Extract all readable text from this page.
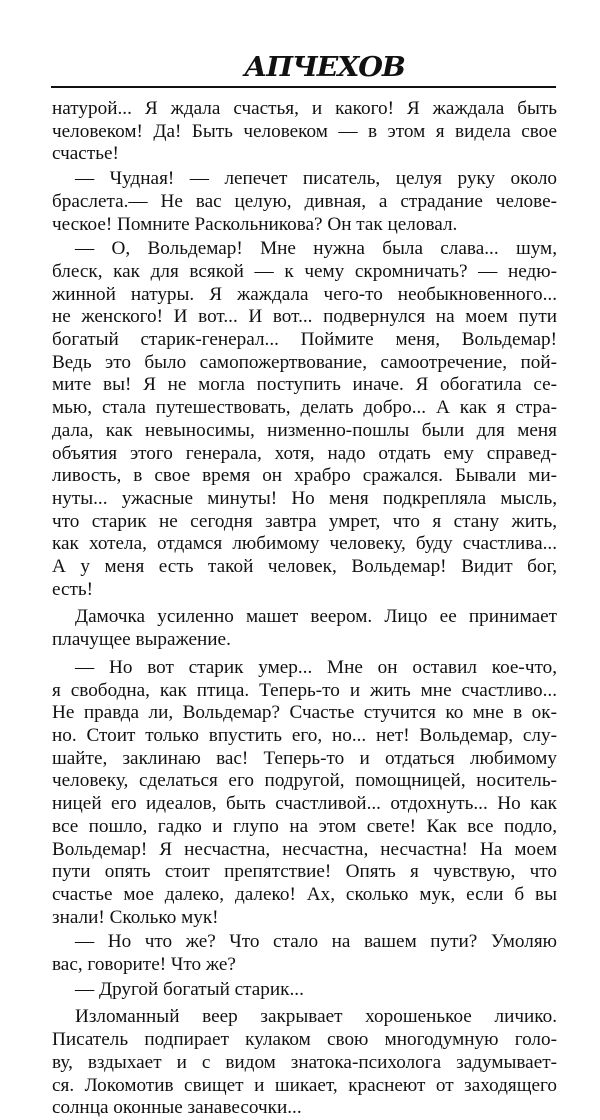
АПЧЕХОВ
натурой... Я ждала счастья, и какого! Я жаждала быть
человеком! Да! Быть человеком — в этом я видела свое
счастье!
— Чудная! — лепечет писатель, целуя руку около
браслета.— Не вас целую, дивная, а страдание челове-
ческое! Помните Раскольникова? Он так целовал.
— О, Вольдемар! Мне нужна была слава... шум,
блеск, как для всякой — к чему скромничать? — недю-
жинной натуры. Я жаждала чего-то необыкновенного...
не женского! И вот... И вот... подвернулся на моем пути
богатый старик-генерал... Поймите меня, Вольдемар!
Ведь это было самопожертвование, самоотречение, пой-
мите вы! Я не могла поступить иначе. Я обогатила се-
мью, стала путешествовать, делать добро... А как я стра-
дала, как невыносимы, низменно-пошлы были для меня
объятия этого генерала, хотя, надо отдать ему справед-
ливость, в свое время он храбро сражался. Бывали ми-
нуты... ужасные минуты! Но меня подкрепляла мысль,
что старик не сегодня завтра умрет, что я стану жить,
как хотела, отдамся любимому человеку, буду счастлива...
А у меня есть такой человек, Вольдемар! Видит бог,
есть!
Дамочка усиленно машет веером. Лицо ее принимает
плачущее выражение.
— Но вот старик умер... Мне он оставил кое-что,
я свободна, как птица. Теперь-то и жить мне счастливо...
Не правда ли, Вольдемар? Счастье стучится ко мне в ок-
но. Стоит только впустить его, но... нет! Вольдемар, слу-
шайте, заклинаю вас! Теперь-то и отдаться любимому
человеку, сделаться его подругой, помощницей, носитель-
ницей его идеалов, быть счастливой... отдохнуть... Но как
все пошло, гадко и глупо на этом свете! Как все подло,
Вольдемар! Я несчастна, несчастна, несчастна! На моем
пути опять стоит препятствие! Опять я чувствую, что
счастье мое далеко, далеко! Ах, сколько мук, если б вы
знали! Сколько мук!
— Но что же? Что стало на вашем пути? Умоляю
вас, говорите! Что же?
— Другой богатый старик...
Изломанный веер закрывает хорошенькое личико.
Писатель подпирает кулаком свою многодумную голо-
ву, вздыхает и с видом знатока-психолога задумывает-
ся. Локомотив свищет и шикает, краснеют от заходящего
солнца оконные занавесочки...
